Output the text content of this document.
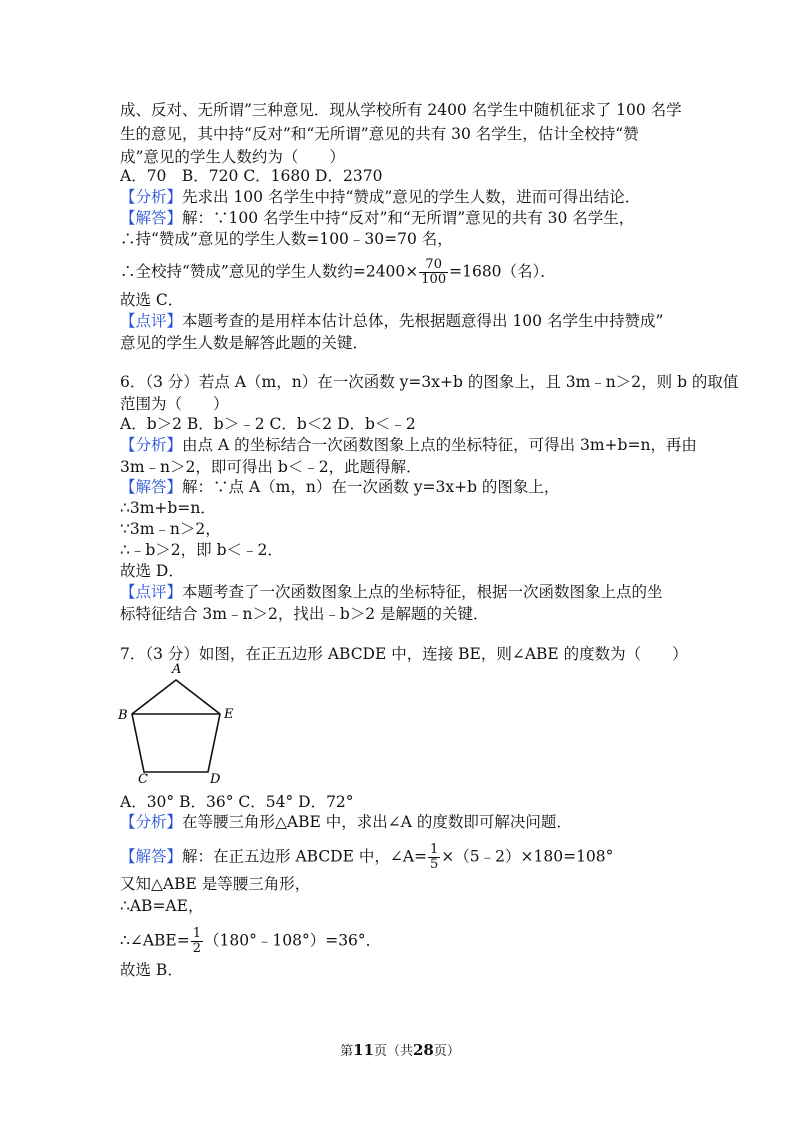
成、反对、无所谓”三种意见．现从学校所有 2400 名学生中随机征求了 100 名学
生的意见，其中持“反对”和“无所谓”意见的共有 30 名学生，估计全校持“赞
成”意见的学生人数约为（　　）
A．70　B．720 C．1680 D．2370
【分析】先求出 100 名学生中持“赞成”意见的学生人数，进而可得出结论．
【解答】解：∵100 名学生中持“反对”和“无所谓”意见的共有 30 名学生，
∴持“赞成”意见的学生人数=100﹣30=70 名，
∴全校持“赞成”意见的学生人数约$=2400\times \frac{70}{100} =1680$（名）．
故选 C．
【点评】本题考查的是用样本估计总体，先根据题意得出 100 名学生中持赞成”
意见的学生人数是解答此题的关键．
6．（3 分）若点 A（m，n）在一次函数 y=3x+b 的图象上，且 3m﹣n＞2，则 b 的取值
范围为（　　）
A．b＞2 B．b＞﹣2 C．b＜2 D．b＜﹣2
【分析】由点 A 的坐标结合一次函数图象上点的坐标特征，可得出 3m+b=n，再由
3m﹣n＞2，即可得出 b＜﹣2，此题得解．
【解答】解：∵点 A（m，n）在一次函数 y=3x+b 的图象上，
∴3m+b=n．
∵3m﹣n＞2，
∴﹣b＞2，即 b＜﹣2．
故选 D．
【点评】本题考查了一次函数图象上点的坐标特征，根据一次函数图象上点的坐
标特征结合 3m﹣n＞2，找出﹣b＞2 是解题的关键．
7．（3 分）如图，在正五边形 ABCDE 中，连接 BE，则∠ABE 的度数为（　　）
A
B	E
C	D
A．30° B．36° C．54° D．72°
【分析】在等腰三角形△ABE 中，求出∠A 的度数即可解决问题．
【解答】解：在正五边形 ABCDE 中，∠A= $\frac{1}{5}$ ×（5﹣2）×180=108°
又知△ABE 是等腰三角形，
∴AB=AE，
∴∠ABE= $\frac{1}{2}$ （180°﹣108°）=36°．
故选 B．
第11页（共28页）
